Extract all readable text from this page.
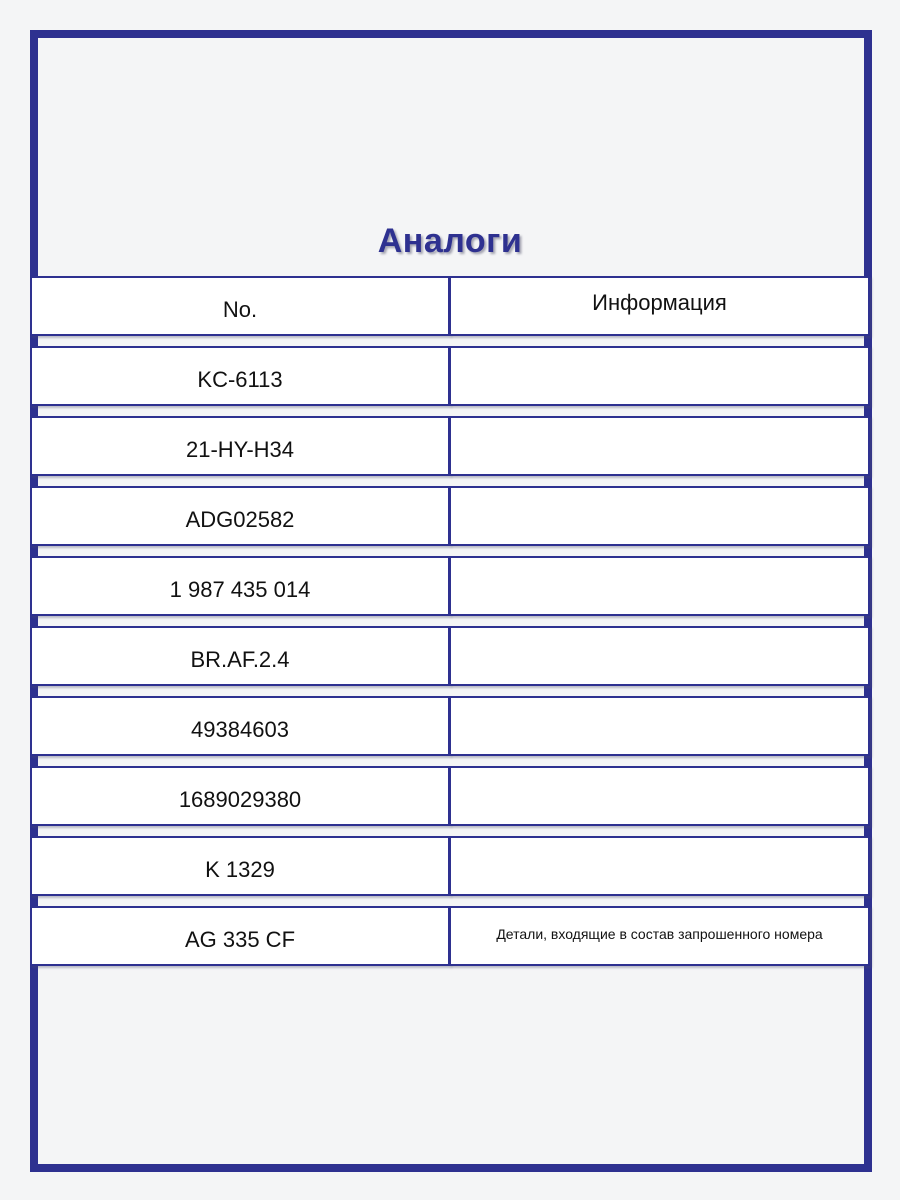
Аналоги
No.	Информация
KC-6113
21-HY-H34
ADG02582
1 987 435 014
BR.AF.2.4
49384603
1689029380
K 1329
AG 335 CF	Детали, входящие в состав запрошенного номера
